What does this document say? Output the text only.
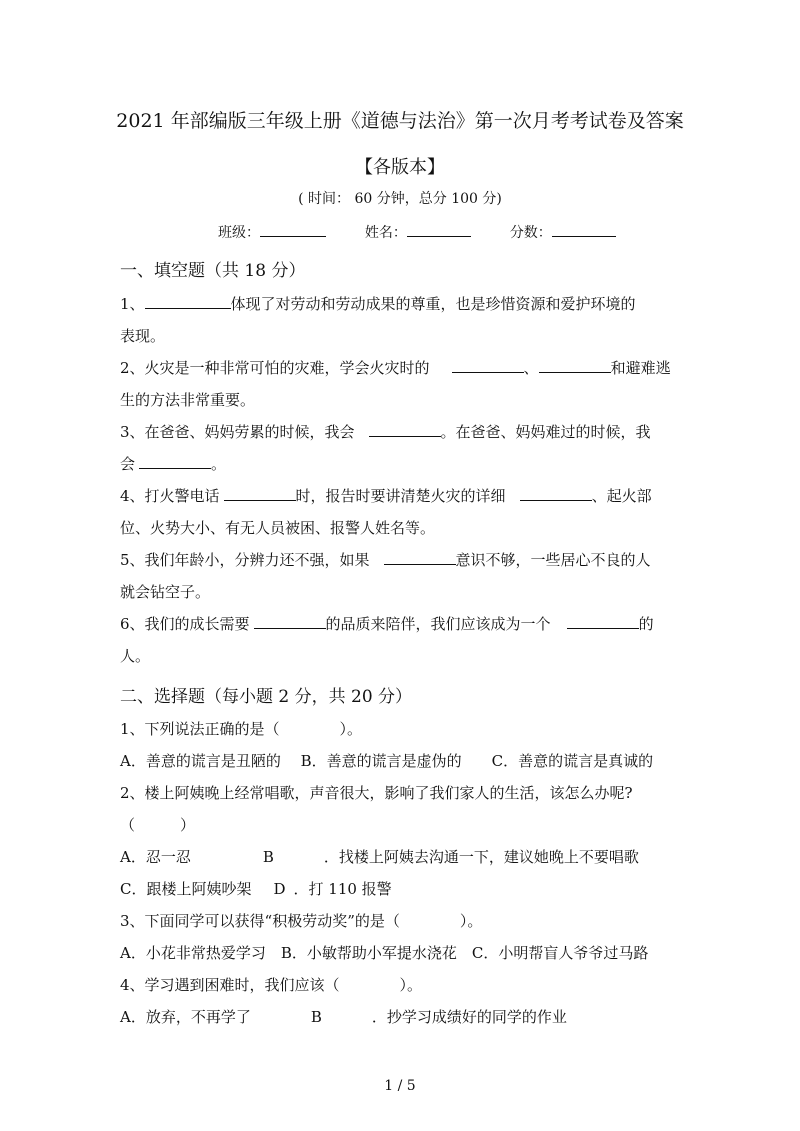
2021 年部编版三年级上册《道德与法治》第一次月考考试卷及答案
【各版本】
( 时间： 60 分钟，总分 100 分)
班级：	姓名：	分数：
一、填空题（共 18 分）
1、	体现了对劳动和劳动成果的尊重，也是珍惜资源和爱护环境的
表现。
2、火灾是一种非常可怕的灾难，学会火灾时的	、	和避难逃
生的方法非常重要。
3、在爸爸、妈妈劳累的时候，我会	。在爸爸、妈妈难过的时候，我
会	。
4、打火警电话	时，报告时要讲清楚火灾的详细	、起火部
位、火势大小、有无人员被困、报警人姓名等。
5、我们年龄小，分辨力还不强，如果	意识不够，一些居心不良的人
就会钻空子。
6、我们的成长需要	的品质来陪伴，我们应该成为一个	的
人。
二、选择题（每小题 2 分，共 20 分）
1、下列说法正确的是（　　　　）。
A．善意的谎言是丑陋的　 B．善意的谎言是虚伪的　　C．善意的谎言是真诚的
2、楼上阿姨晚上经常唱歌，声音很大，影响了我们家人的生活，该怎么办呢?
（　　　）
A．忍一忍	B	．找楼上阿姨去沟通一下，建议她晚上不要唱歌
C．跟楼上阿姨吵架 D ．打 110 报警
3、下面同学可以获得“积极劳动奖”的是（　　　　）。
A．小花非常热爱学习　B．小敏帮助小军提水浇花　C．小明帮盲人爷爷过马路
4、学习遇到困难时，我们应该（　　　　）。
A．放弃，不再学了	B	．抄学习成绩好的同学的作业
1 / 5
